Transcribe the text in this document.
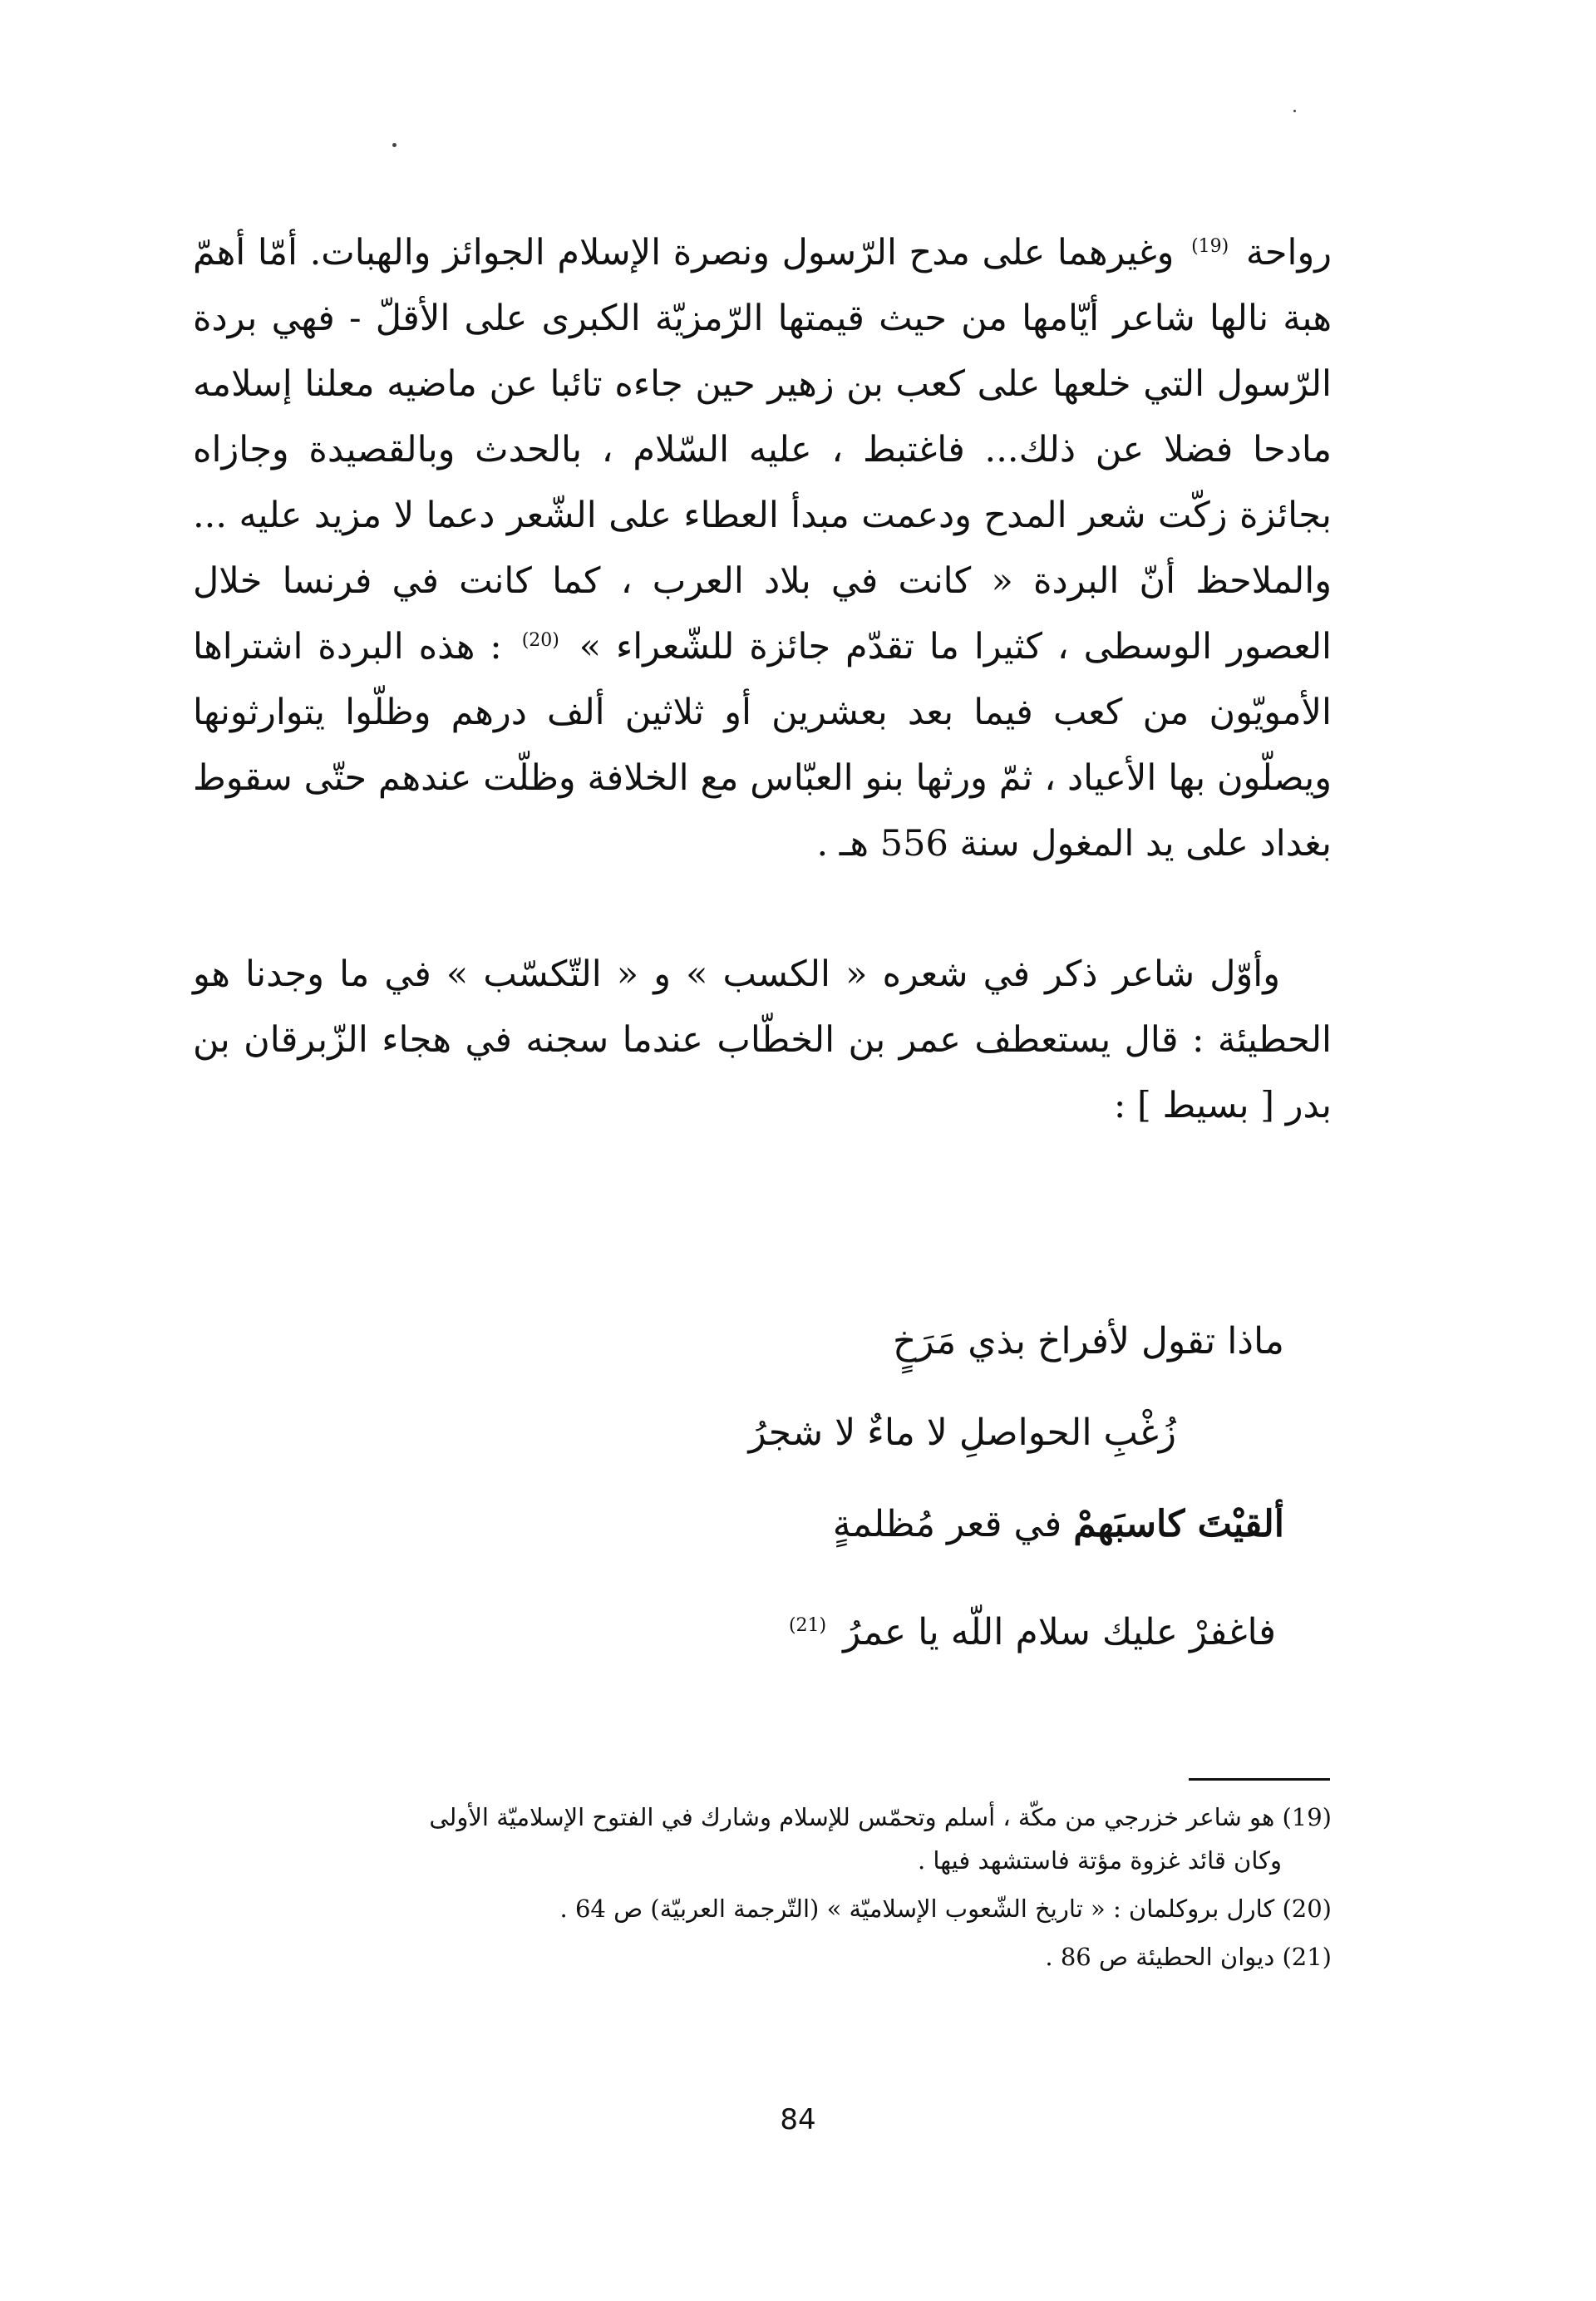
رواحة $^{(19)}$ وغيرهما على مدح الرّسول ونصرة الإسلام الجوائز والهبات. أمّا أهمّ هبة نالها شاعر أيّامها من حيث قيمتها الرّمزيّة الكبرى على الأقلّ - فهي بردة الرّسول التي خلعها على كعب بن زهير حين جاءه تائبا عن ماضيه معلنا إسلامه مادحا فضلا عن ذلك... فاغتبط ، عليه السّلام ، بالحدث وبالقصيدة وجازاه بجائزة زكّت شعر المدح ودعمت مبدأ العطاء على الشّعر دعما لا مزيد عليه ... والملاحظ أنّ البردة « كانت في بلاد العرب ، كما كانت في فرنسا خلال العصور الوسطى ، كثيرا ما تقدّم جائزة للشّعراء » $^{(20)}$ : هذه البردة اشتراها الأمويّون من كعب فيما بعد بعشرين أو ثلاثين ألف درهم وظلّوا يتوارثونها ويصلّون بها الأعياد ، ثمّ ورثها بنو العبّاس مع الخلافة وظلّت عندهم حتّى سقوط بغداد على يد المغول سنة 556 هـ .

وأوّل شاعر ذكر في شعره « الكسب » و « التّكسّب » في ما وجدنا هو الحطيئة : قال يستعطف عمر بن الخطّاب عندما سجنه في هجاء الزّبرقان بن بدر [ بسيط ] :

ماذا تقول لأفراخ بذي مَرَخٍ
زُغْبِ الحواصلِ لا ماءٌ لا شجرُ
ألقيْتَ كاسبَهمْ في قعر مُظلمةٍ
فاغفرْ عليك سلام اللّه يا عمرُ $^{(21)}$

(19) هو شاعر خزرجي من مكّة ، أسلم وتحمّس للإسلام وشارك في الفتوح الإسلاميّة الأولى
وكان قائد غزوة مؤتة فاستشهد فيها .

(20) كارل بروكلمان : « تاريخ الشّعوب الإسلاميّة » (التّرجمة العربيّة) ص 64 .

(21) ديوان الحطيئة ص 86 .

84
